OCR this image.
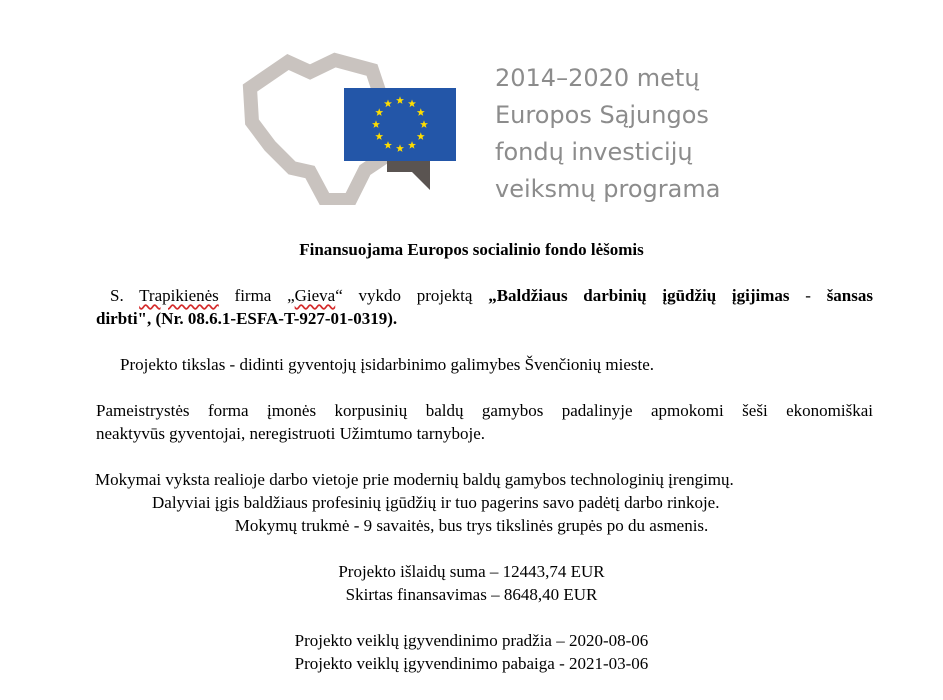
2014–2020 metų
Europos Sąjungos
fondų investicijų
veiksmų programa
Finansuojama Europos socialinio fondo lėšomis
S. Trapikienės firma „Gieva“ vykdo projektą „Baldžiaus darbinių įgūdžių įgijimas - šansas
dirbti", (Nr. 08.6.1-ESFA-T-927-01-0319).
Projekto tikslas - didinti gyventojų įsidarbinimo galimybes Švenčionių mieste.
Pameistrystės forma įmonės korpusinių baldų gamybos padalinyje apmokomi šeši ekonomiškai
neaktyvūs gyventojai, neregistruoti Užimtumo tarnyboje.
Mokymai vyksta realioje darbo vietoje prie modernių baldų gamybos technologinių įrengimų.
Dalyviai įgis baldžiaus profesinių įgūdžių ir tuo pagerins savo padėtį darbo rinkoje.
Mokymų trukmė - 9 savaitės, bus trys tikslinės grupės po du asmenis.
Projekto išlaidų suma – 12443,74 EUR
Skirtas finansavimas – 8648,40 EUR
Projekto veiklų įgyvendinimo pradžia – 2020-08-06
Projekto veiklų įgyvendinimo pabaiga - 2021-03-06
